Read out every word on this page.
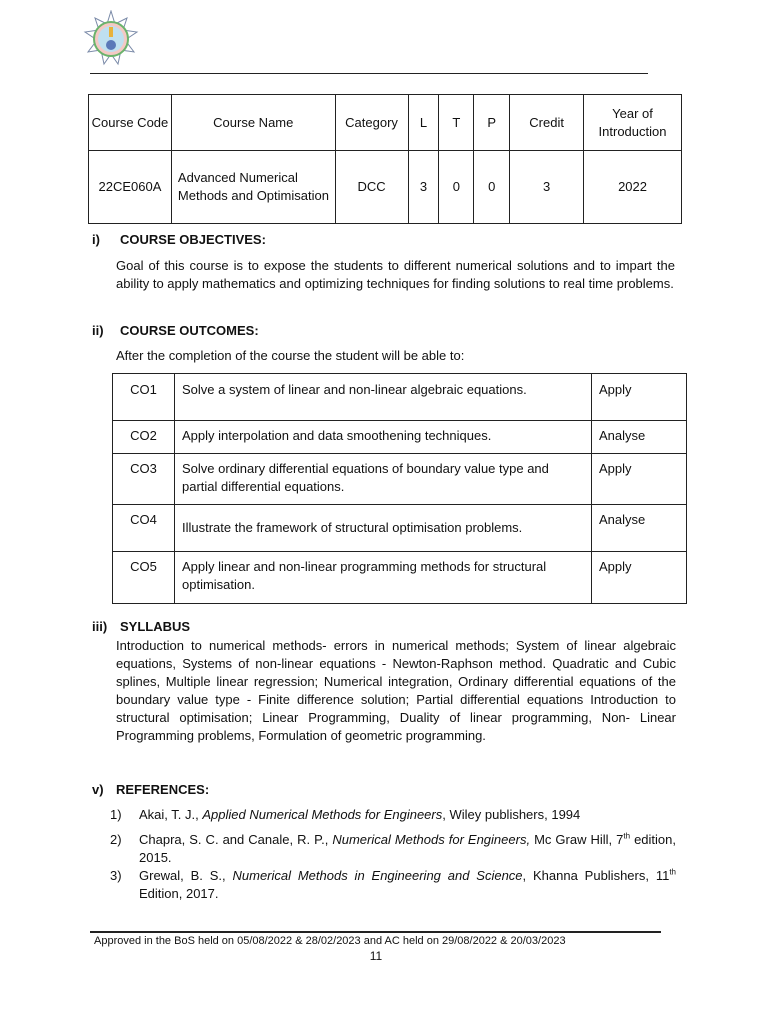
Course Code	Course Name	Category	L	T	P	Credit	Year of Introduction
22CE060A	Advanced Numerical Methods and Optimisation	DCC	3	0	0	3	2022
i) COURSE OBJECTIVES:
Goal of this course is to expose the students to different numerical solutions and to impart the ability to apply mathematics and optimizing techniques for finding solutions to real time problems.
ii) COURSE OUTCOMES:
After the completion of the course the student will be able to:
CO1	Solve a system of linear and non-linear algebraic equations.	Apply
CO2	Apply interpolation and data smoothening techniques.	Analyse
CO3	Solve ordinary differential equations of boundary value type and partial differential equations.	Apply
CO4	Illustrate the framework of structural optimisation problems.	Analyse
CO5	Apply linear and non-linear programming methods for structural optimisation.	Apply
iii) SYLLABUS
Introduction to numerical methods- errors in numerical methods; System of linear algebraic equations, Systems of non-linear equations - Newton-Raphson method. Quadratic and Cubic splines, Multiple linear regression; Numerical integration, Ordinary differential equations of the boundary value type - Finite difference solution; Partial differential equations Introduction to structural optimisation; Linear Programming, Duality of linear programming, Non- Linear Programming problems, Formulation of geometric programming.
v) REFERENCES:
1) Akai, T. J., Applied Numerical Methods for Engineers, Wiley publishers, 1994
2) Chapra, S. C. and Canale, R. P., Numerical Methods for Engineers, Mc Graw Hill, 7th edition, 2015.
3) Grewal, B. S., Numerical Methods in Engineering and Science, Khanna Publishers, 11th Edition, 2017.
Approved in the BoS held on 05/08/2022 & 28/02/2023 and AC held on 29/08/2022 & 20/03/2023
11
